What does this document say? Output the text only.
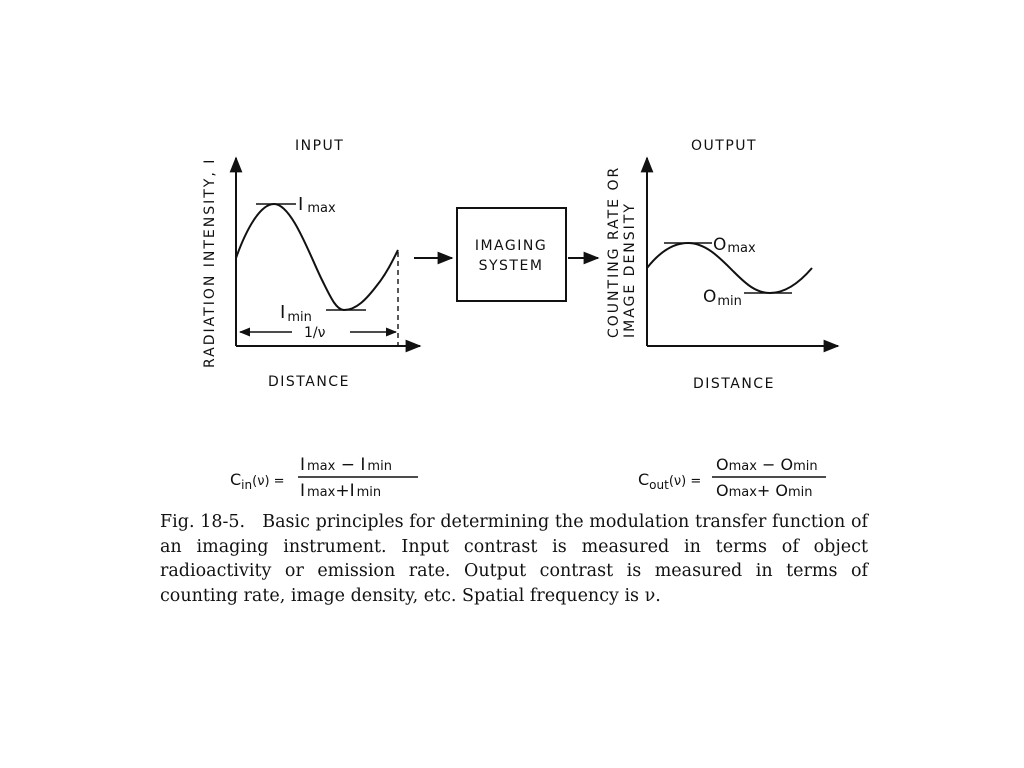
INPUT
RADIATION INTENSITY, I	I max
I min
1/ν
DISTANCE
IMAGING
SYSTEM
OUTPUT
COUNTING RATE OR IMAGE DENSITY	Omax
Omin
DISTANCE
$C_{in}^{(\nu) =}$
I max − I min
I max+I min
$C_{out}^{(\nu) =}$
Omax − Omin
Omax+ Omin
Fig. 18-5. Basic principles for determining the modulation transfer function of an imaging instrument. Input contrast is measured in terms of object radioactivity or emission rate. Output contrast is measured in terms of counting rate, image density, etc. Spatial frequency is ν.
